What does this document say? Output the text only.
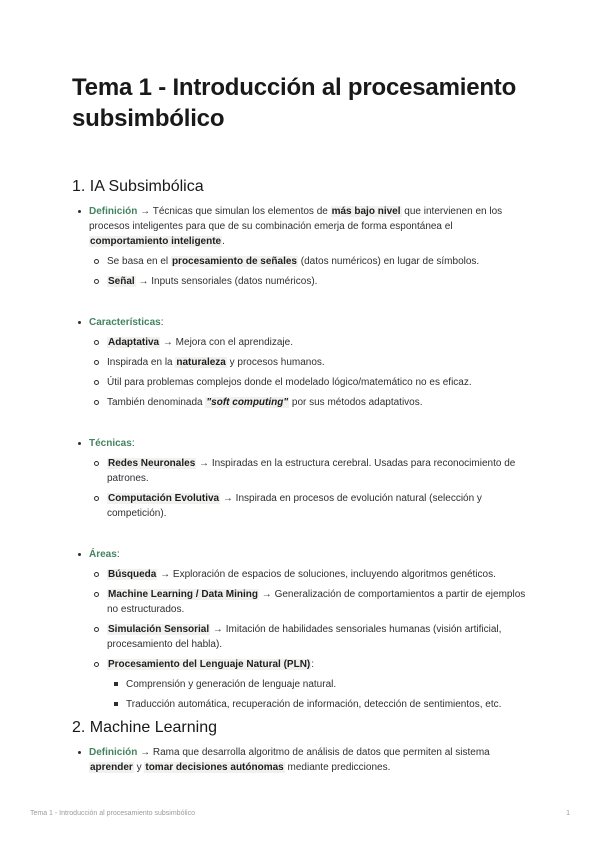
Tema 1 - Introducción al procesamiento subsimbólico
1. IA Subsimbólica
Definición → Técnicas que simulan los elementos de más bajo nivel que intervienen en los procesos inteligentes para que de su combinación emerja de forma espontánea el comportamiento inteligente.
Se basa en el procesamiento de señales (datos numéricos) en lugar de símbolos.
Señal → Inputs sensoriales (datos numéricos).
Características:
Adaptativa → Mejora con el aprendizaje.
Inspirada en la naturaleza y procesos humanos.
Útil para problemas complejos donde el modelado lógico/matemático no es eficaz.
También denominada "soft computing" por sus métodos adaptativos.
Técnicas:
Redes Neuronales → Inspiradas en la estructura cerebral. Usadas para reconocimiento de patrones.
Computación Evolutiva → Inspirada en procesos de evolución natural (selección y competición).
Áreas:
Búsqueda → Exploración de espacios de soluciones, incluyendo algoritmos genéticos.
Machine Learning / Data Mining → Generalización de comportamientos a partir de ejemplos no estructurados.
Simulación Sensorial → Imitación de habilidades sensoriales humanas (visión artificial, procesamiento del habla).
Procesamiento del Lenguaje Natural (PLN):
Comprensión y generación de lenguaje natural.
Traducción automática, recuperación de información, detección de sentimientos, etc.
2. Machine Learning
Definición → Rama que desarrolla algoritmo de análisis de datos que permiten al sistema aprender y tomar decisiones autónomas mediante predicciones.
Tema 1 - Introducción al procesamiento subsimbólico	1
